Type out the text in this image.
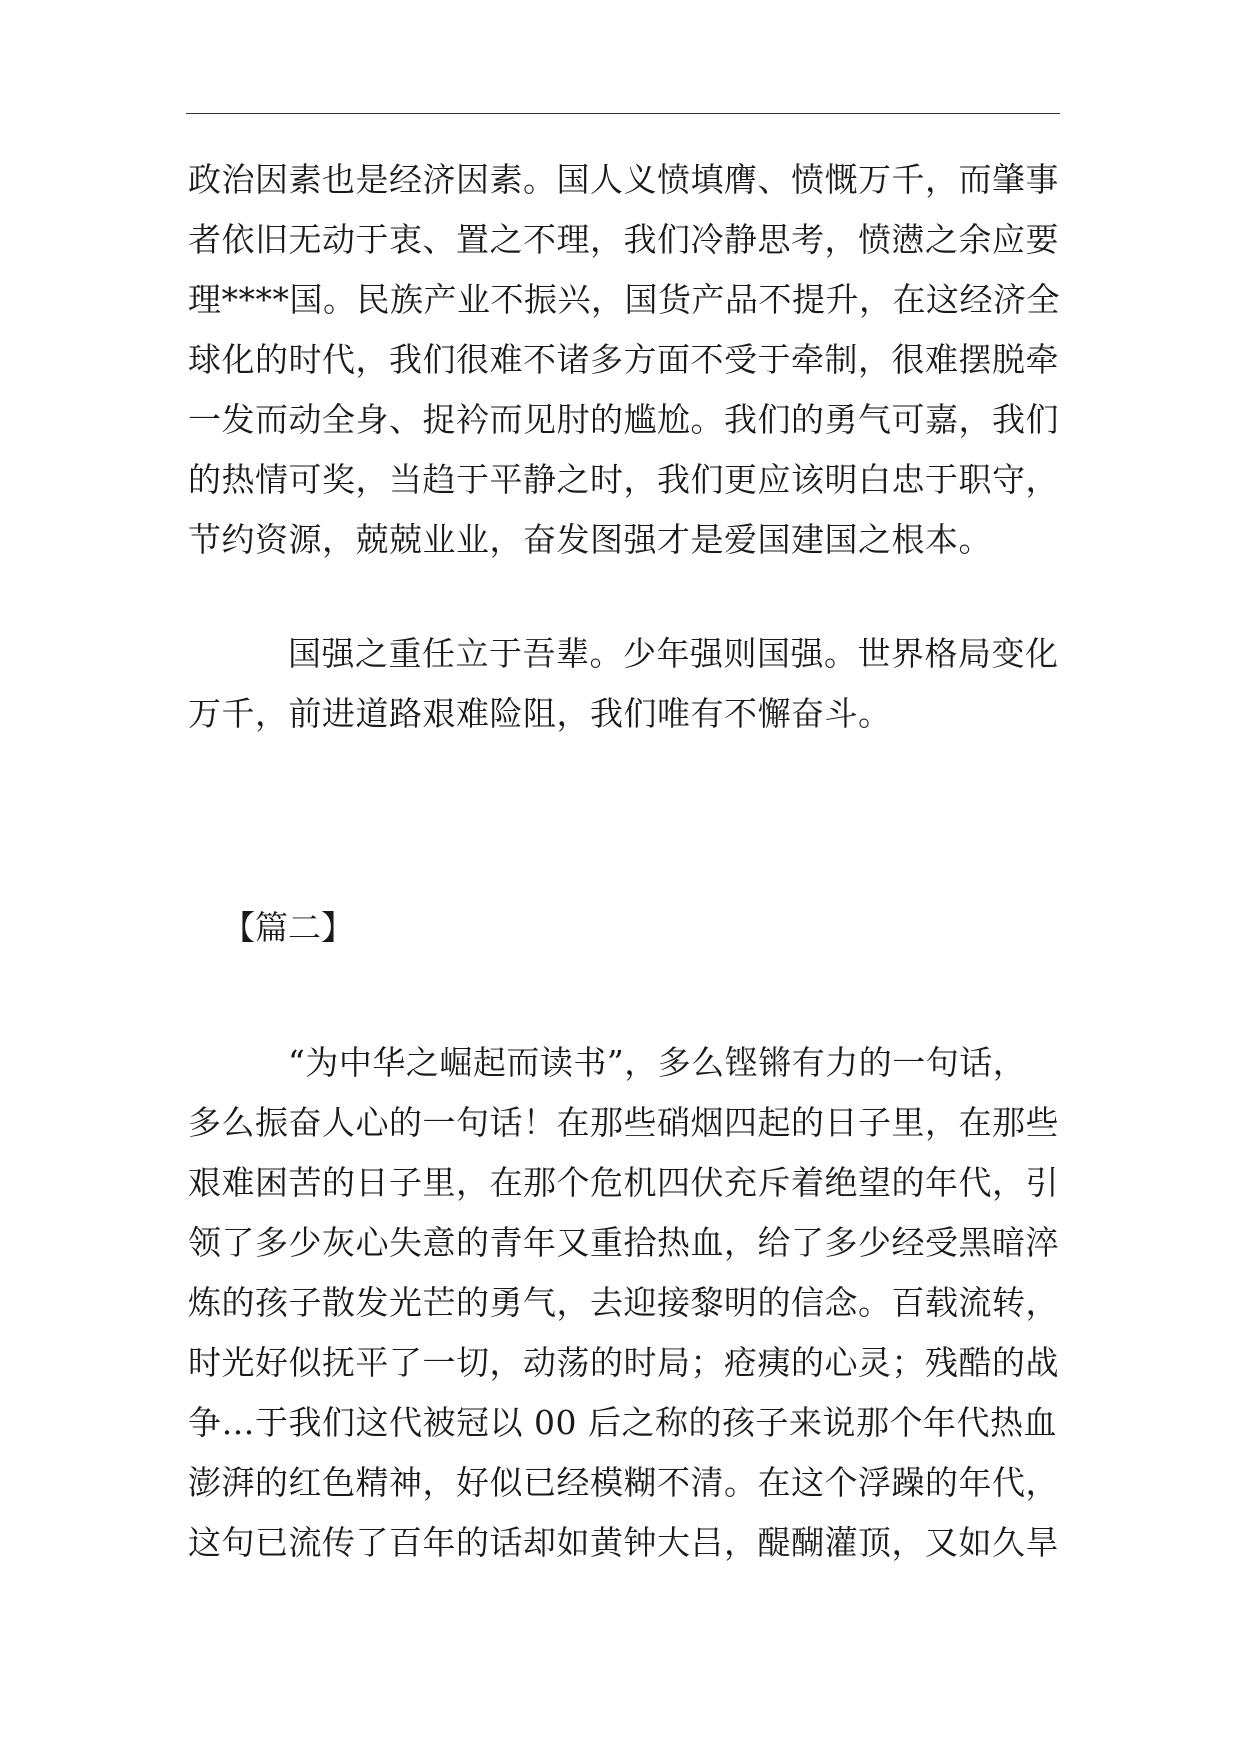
政治因素也是经济因素。国人义愤填膺、愤慨万千，而肇事
者依旧无动于衷、置之不理，我们冷静思考，愤懑之余应要
理****国。民族产业不振兴，国货产品不提升，在这经济全
球化的时代，我们很难不诸多方面不受于牵制，很难摆脱牵
一发而动全身、捉衿而见肘的尴尬。我们的勇气可嘉，我们
的热情可奖，当趋于平静之时，我们更应该明白忠于职守，
节约资源，兢兢业业，奋发图强才是爱国建国之根本。
国强之重任立于吾辈。少年强则国强。世界格局变化
万千，前进道路艰难险阻，我们唯有不懈奋斗。
【篇二】
“为中华之崛起而读书”，多么铿锵有力的一句话，
多么振奋人心的一句话！在那些硝烟四起的日子里，在那些
艰难困苦的日子里，在那个危机四伏充斥着绝望的年代，引
领了多少灰心失意的青年又重拾热血，给了多少经受黑暗淬
炼的孩子散发光芒的勇气，去迎接黎明的信念。百载流转，
时光好似抚平了一切，动荡的时局；疮痍的心灵；残酷的战
争…于我们这代被冠以 00 后之称的孩子来说那个年代热血
澎湃的红色精神，好似已经模糊不清。在这个浮躁的年代，
这句已流传了百年的话却如黄钟大吕，醍醐灌顶，又如久旱
